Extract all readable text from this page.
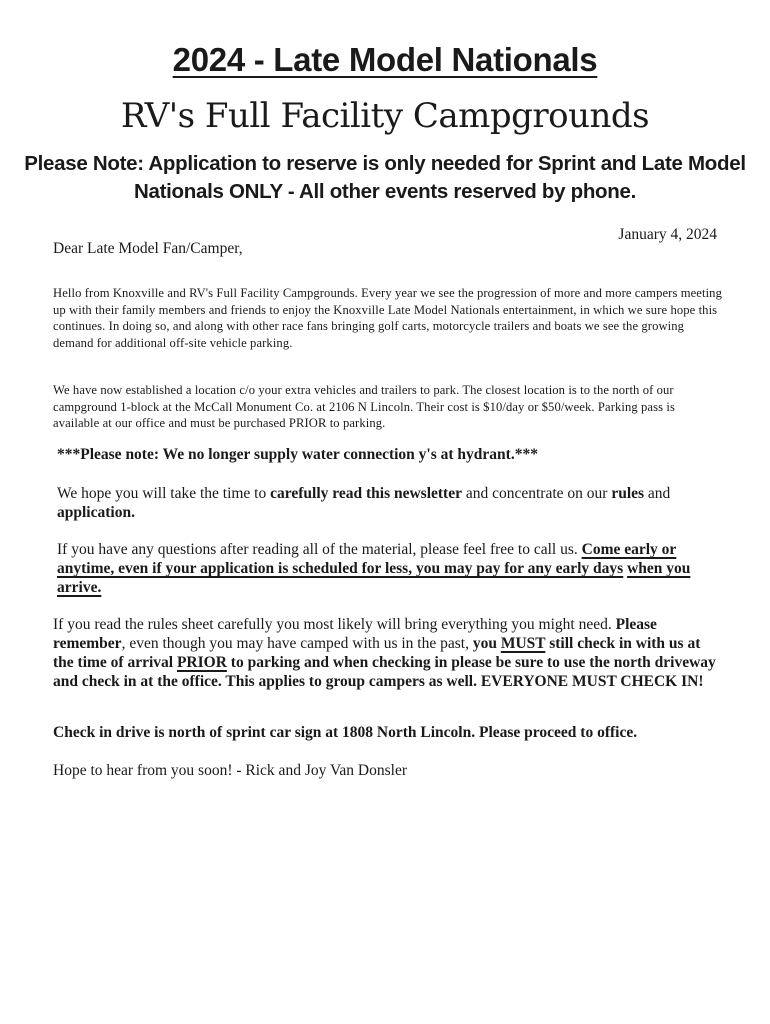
2024 - Late Model Nationals
RV's Full Facility Campgrounds
Please Note: Application to reserve is only needed for Sprint and Late Model Nationals ONLY - All other events reserved by phone.
January 4, 2024
Dear Late Model Fan/Camper,
Hello from Knoxville and RV's Full Facility Campgrounds. Every year we see the progression of more and more campers meeting up with their family members and friends to enjoy the Knoxville Late Model Nationals entertainment, in which we sure hope this continues. In doing so, and along with other race fans bringing golf carts, motorcycle trailers and boats we see the growing demand for additional off-site vehicle parking.
We have now established a location c/o your extra vehicles and trailers to park. The closest location is to the north of our campground 1-block at the McCall Monument Co. at 2106 N Lincoln. Their cost is $10/day or $50/week. Parking pass is available at our office and must be purchased PRIOR to parking.
***Please note: We no longer supply water connection y's at hydrant.***
We hope you will take the time to carefully read this newsletter and concentrate on our rules and application.
If you have any questions after reading all of the material, please feel free to call us. Come early or anytime, even if your application is scheduled for less, you may pay for any early days when you arrive.
If you read the rules sheet carefully you most likely will bring everything you might need. Please remember, even though you may have camped with us in the past, you MUST still check in with us at the time of arrival PRIOR to parking and when checking in please be sure to use the north driveway and check in at the office. This applies to group campers as well. EVERYONE MUST CHECK IN!
Check in drive is north of sprint car sign at 1808 North Lincoln. Please proceed to office.
Hope to hear from you soon! - Rick and Joy Van Donsler
